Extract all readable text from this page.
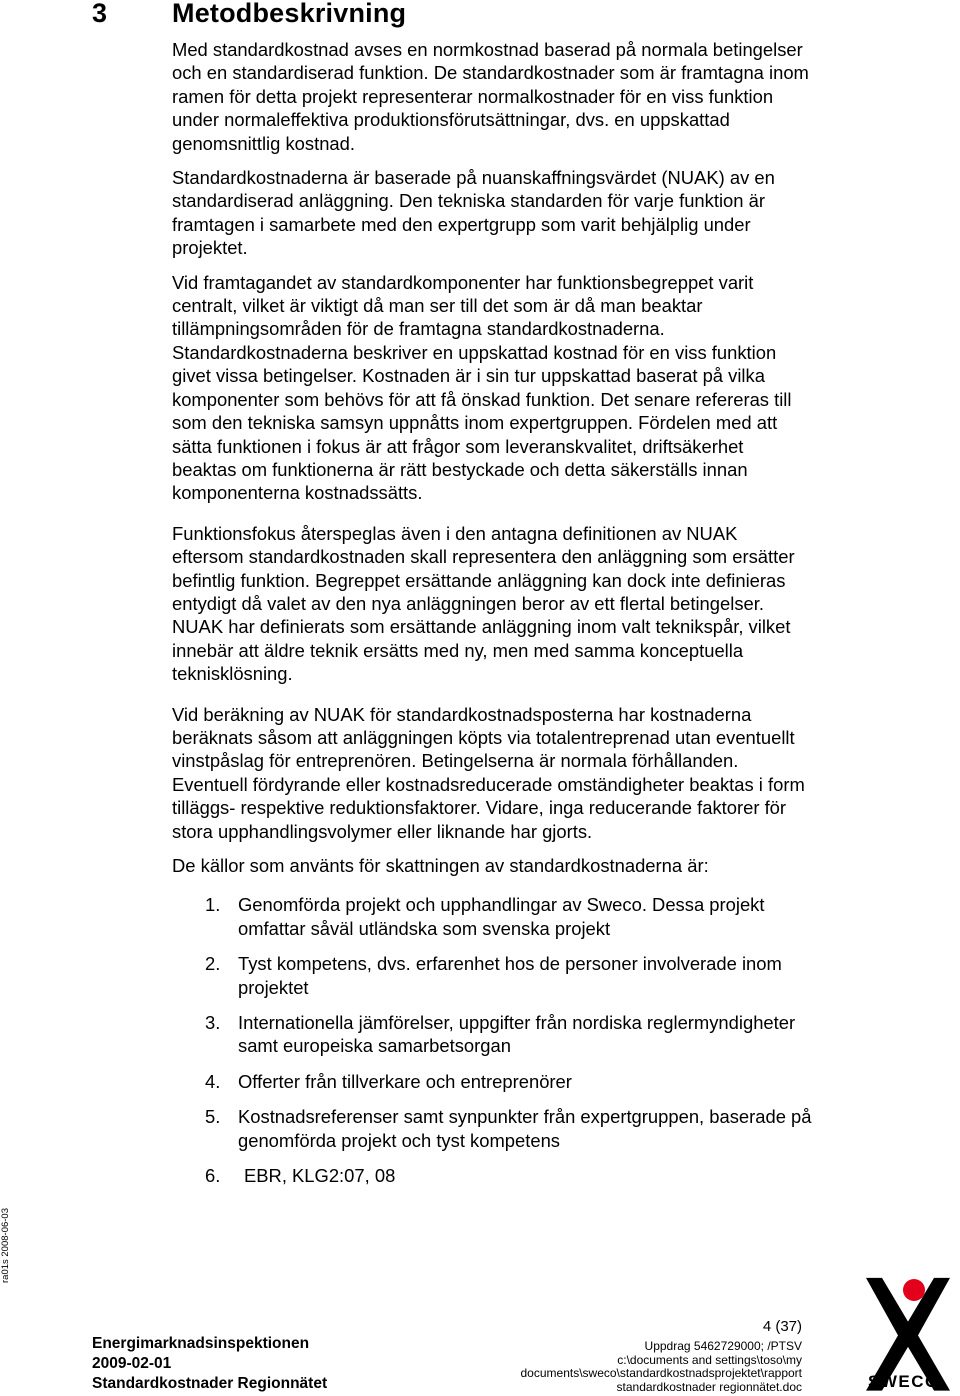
3 Metodbeskrivning

Med standardkostnad avses en normkostnad baserad på normala betingelser och en standardiserad funktion. De standardkostnader som är framtagna inom ramen för detta projekt representerar normalkostnader för en viss funktion under normaleffektiva produktionsförutsättningar, dvs. en uppskattad genomsnittlig kostnad.

Standardkostnaderna är baserade på nuanskaffningsvärdet (NUAK) av en standardiserad anläggning. Den tekniska standarden för varje funktion är framtagen i samarbete med den expertgrupp som varit behjälplig under projektet.

Vid framtagandet av standardkomponenter har funktionsbegreppet varit centralt, vilket är viktigt då man ser till det som är då man beaktar tillämpningsområden för de framtagna standardkostnaderna. Standardkostnaderna beskriver en uppskattad kostnad för en viss funktion givet vissa betingelser. Kostnaden är i sin tur uppskattad baserat på vilka komponenter som behövs för att få önskad funktion. Det senare refereras till som den tekniska samsyn uppnåtts inom expertgruppen. Fördelen med att sätta funktionen i fokus är att frågor som leveranskvalitet, driftsäkerhet beaktas om funktionerna är rätt bestyckade och detta säkerställs innan komponenterna kostnadssätts.

Funktionsfokus återspeglas även i den antagna definitionen av NUAK eftersom standardkostnaden skall representera den anläggning som ersätter befintlig funktion. Begreppet ersättande anläggning kan dock inte definieras entydigt då valet av den nya anläggningen beror av ett flertal betingelser. NUAK har definierats som ersättande anläggning inom valt teknikspår, vilket innebär att äldre teknik ersätts med ny, men med samma konceptuella teknisklösning.

Vid beräkning av NUAK för standardkostnadsposterna har kostnaderna beräknats såsom att anläggningen köpts via totalentreprenad utan eventuellt vinstpåslag för entreprenören. Betingelserna är normala förhållanden. Eventuell fördyrande eller kostnadsreducerade omständigheter beaktas i form tilläggs- respektive reduktionsfaktorer. Vidare, inga reducerande faktorer för stora upphandlingsvolymer eller liknande har gjorts.

De källor som använts för skattningen av standardkostnaderna är:

1. Genomförda projekt och upphandlingar av Sweco. Dessa projekt omfattar såväl utländska som svenska projekt
2. Tyst kompetens, dvs. erfarenhet hos de personer involverade inom projektet
3. Internationella jämförelser, uppgifter från nordiska reglermyndigheter samt europeiska samarbetsorgan
4. Offerter från tillverkare och entreprenörer
5. Kostnadsreferenser samt synpunkter från expertgruppen, baserade på genomförda projekt och tyst kompetens
6. EBR, KLG2:07, 08
ra01s 2008-06-03
4 (37)
Energimarknadsinspektionen
2009-02-01
Standardkostnader Regionnätet
Uppdrag 5462729000; /PTSV
c:\documents and settings\toso\my
documents\sweco\standardkostnadsprojektet\rapport
standardkostnader regionnätet.doc	SWECO
